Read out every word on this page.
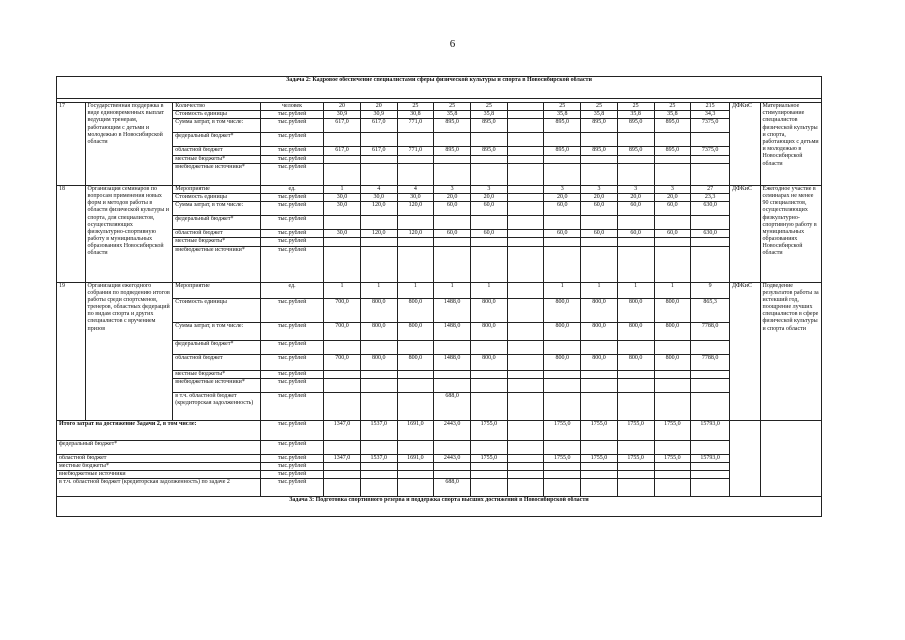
6
Задача 2: Кадровое обеспечение специалистами сферы физической культуры и спорта в Новосибирской области																

17	Государственная поддержка в виде единовременных выплат ведущим тренерам, работающим с детьми и молодежью в Новосибирской области	Количество	человек	20	20	25	25	25		25	25	25	25	215	ДФКиС	Материальное стимулирование специалистов физической культуры и спорта, работающих с детьми и молодежью в Новосибирской области
		Стоимость единицы	тыс.рублей	30,9	30,9	30,8	35,8	35,8		35,8	35,8	35,8	35,8	34,3		
		Сумма затрат, в том числе:	тыс.рублей	617,0	617,0	771,0	895,0	895,0		895,0	895,0	895,0	895,0	7375,0		
		федеральный бюджет*	тыс.рублей													
		областной бюджет	тыс.рублей	617,0	617,0	771,0	895,0	895,0		895,0	895,0	895,0	895,0	7375,0		
		местные бюджеты*	тыс.рублей													
		внебюджетные источники*	тыс.рублей													
18	Организация семинаров по вопросам применения новых форм и методов работы в области физической культуры и спорта, для специалистов, осуществляющих физкультурно-спортивную работу в муниципальных образованиях Новосибирской области	Мероприятие	ед.	1	4	4	3	3		3	3	3	3	27	ДФКиС	Ежегодное участие в семинарах не менее 90 специалистов, осуществляющих физкультурно-спортивную работу в муниципальных образованиях Новосибирской области
		Стоимость единицы	тыс.рублей	30,0	30,0	30,0	20,0	20,0		20,0	20,0	20,0	20,0	23,3		
		Сумма затрат, в том числе:	тыс.рублей	30,0	120,0	120,0	60,0	60,0		60,0	60,0	60,0	60,0	630,0		
		федеральный бюджет*	тыс.рублей													
		областной бюджет	тыс.рублей	30,0	120,0	120,0	60,0	60,0		60,0	60,0	60,0	60,0	630,0		
		местные бюджеты*	тыс.рублей													
		внебюджетные источники*	тыс.рублей													
19	Организация ежегодного собрания по подведению итогов работы среди спортсменов, тренеров, областных федераций по видам спорта и других специалистов с вручением призов	Мероприятие	ед.	1	1	1	1	1		1	1	1	1	9	ДФКиС	Подведение результатов работы за истекший год, поощрение лучших специалистов в сфере физической культуры и спорта области
		Стоимость единицы	тыс.рублей	700,0	800,0	800,0	1488,0	800,0		800,0	800,0	800,0	800,0	865,3		
		Сумма затрат, в том числе:	тыс.рублей	700,0	800,0	800,0	1488,0	800,0		800,0	800,0	800,0	800,0	7788,0		
		федеральный бюджет*	тыс.рублей													
		областной бюджет	тыс.рублей	700,0	800,0	800,0	1488,0	800,0		800,0	800,0	800,0	800,0	7788,0		
		местные бюджеты*	тыс.рублей													
		внебюджетные источники*	тыс.рублей													
		в т.ч. областной бюджет (кредиторская задолженность)	тыс.рублей				688,0									
Итого затрат на достижение Задачи 2, в том числе:			тыс.рублей	1347,0	1537,0	1691,0	2443,0	1755,0		1755,0	1755,0	1755,0	1755,0	15793,0		
федеральный бюджет*			тыс.рублей													
областной бюджет			тыс.рублей	1347,0	1537,0	1691,0	2443,0	1755,0		1755,0	1755,0	1755,0	1755,0	15793,0		
местные бюджеты*			тыс.рублей													
внебюджетные источники			тыс.рублей													
в т.ч. областной бюджет (кредиторская задолженность) по задаче 2			тыс.рублей				688,0									
Задача 3: Подготовка спортивного резерва и поддержка спорта высших достижений в Новосибирской области																
